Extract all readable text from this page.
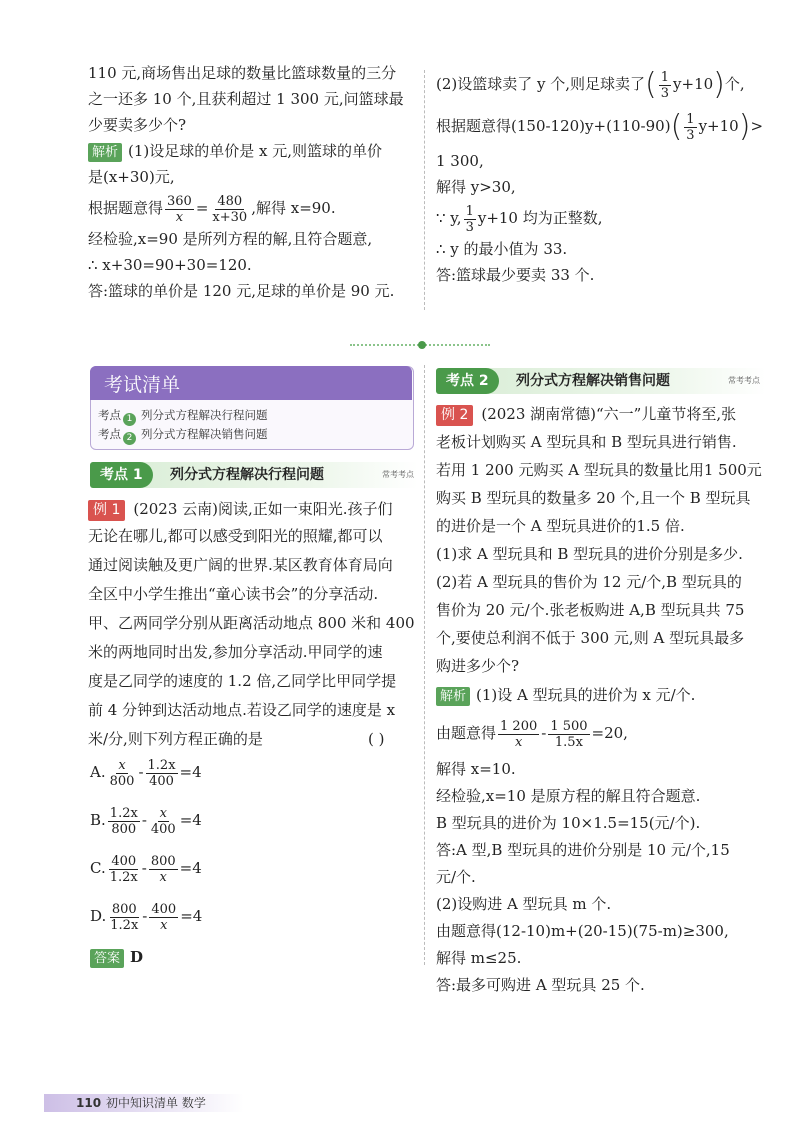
110 元,商场售出足球的数量比篮球数量的三分
之一还多 10 个,且获利超过 1 300 元,问篮球最
少要卖多少个?
解析 (1)设足球的单价是 x 元,则篮球的单价
是(x+30)元,
根据题意得 $\frac{360}{x} = \frac{480}{x+30}$ ,解得 x=90.
经检验,x=90 是所列方程的解,且符合题意,
∴ x+30=90+30=120.
答:篮球的单价是 120 元,足球的单价是 90 元.
(2)设篮球卖了 y 个,则足球卖了( $\frac{1}{3} y+10$)个,
根据题意得$(150-120)y+(110-90)( \frac{1}{3} y+10)>$
1 300,
解得 y>30,
∵ y, $\frac{1}{3} y+10$ 均为正整数,
∴ y 的最小值为 33.
答:篮球最少要卖 33 个.
考试清单
考点 1 列分式方程解决行程问题
考点 2 列分式方程解决销售问题
考点 1	列分式方程解决行程问题	常考考点
例 1 (2023 云南)阅读,正如一束阳光.孩子们
无论在哪儿,都可以感受到阳光的照耀,都可以
通过阅读触及更广阔的世界.某区教育体育局向
全区中小学生推出“童心读书会”的分享活动.
甲、乙两同学分别从距离活动地点 800 米和 400
米的两地同时出发,参加分享活动.甲同学的速
度是乙同学的速度的 1.2 倍,乙同学比甲同学提
前 4 分钟到达活动地点.若设乙同学的速度是 x
米/分,则下列方程正确的是	( )
A. $\frac{x}{800} - \frac{1.2x}{400} =4$
B. $\frac{1.2x}{800} - \frac{x}{400} =4$
C. $\frac{400}{1.2x} - \frac{800}{x} =4$
D. $\frac{800}{1.2x} - \frac{400}{x} =4$
答案 D
考点 2	列分式方程解决销售问题	常考考点
例 2 (2023 湖南常德)“六一”儿童节将至,张
老板计划购买 A 型玩具和 B 型玩具进行销售.
若用 1 200 元购买 A 型玩具的数量比用1 500元
购买 B 型玩具的数量多 20 个,且一个 B 型玩具
的进价是一个 A 型玩具进价的1.5 倍.
(1)求 A 型玩具和 B 型玩具的进价分别是多少.
(2)若 A 型玩具的售价为 12 元/个,B 型玩具的
售价为 20 元/个.张老板购进 A,B 型玩具共 75
个,要使总利润不低于 300 元,则 A 型玩具最多
购进多少个?
解析 (1)设 A 型玩具的进价为 x 元/个.
由题意得 $\frac{1 200}{x} - \frac{1 500}{1.5x} =20$,
解得 x=10.
经检验,x=10 是原方程的解且符合题意.
B 型玩具的进价为 10×1.5=15(元/个).
答:A 型,B 型玩具的进价分别是 10 元/个,15
元/个.
(2)设购进 A 型玩具 m 个.
由题意得(12-10)m+(20-15)(75-m)≥300,
解得 m≤25.
答:最多可购进 A 型玩具 25 个.
110 初中知识清单 数学
